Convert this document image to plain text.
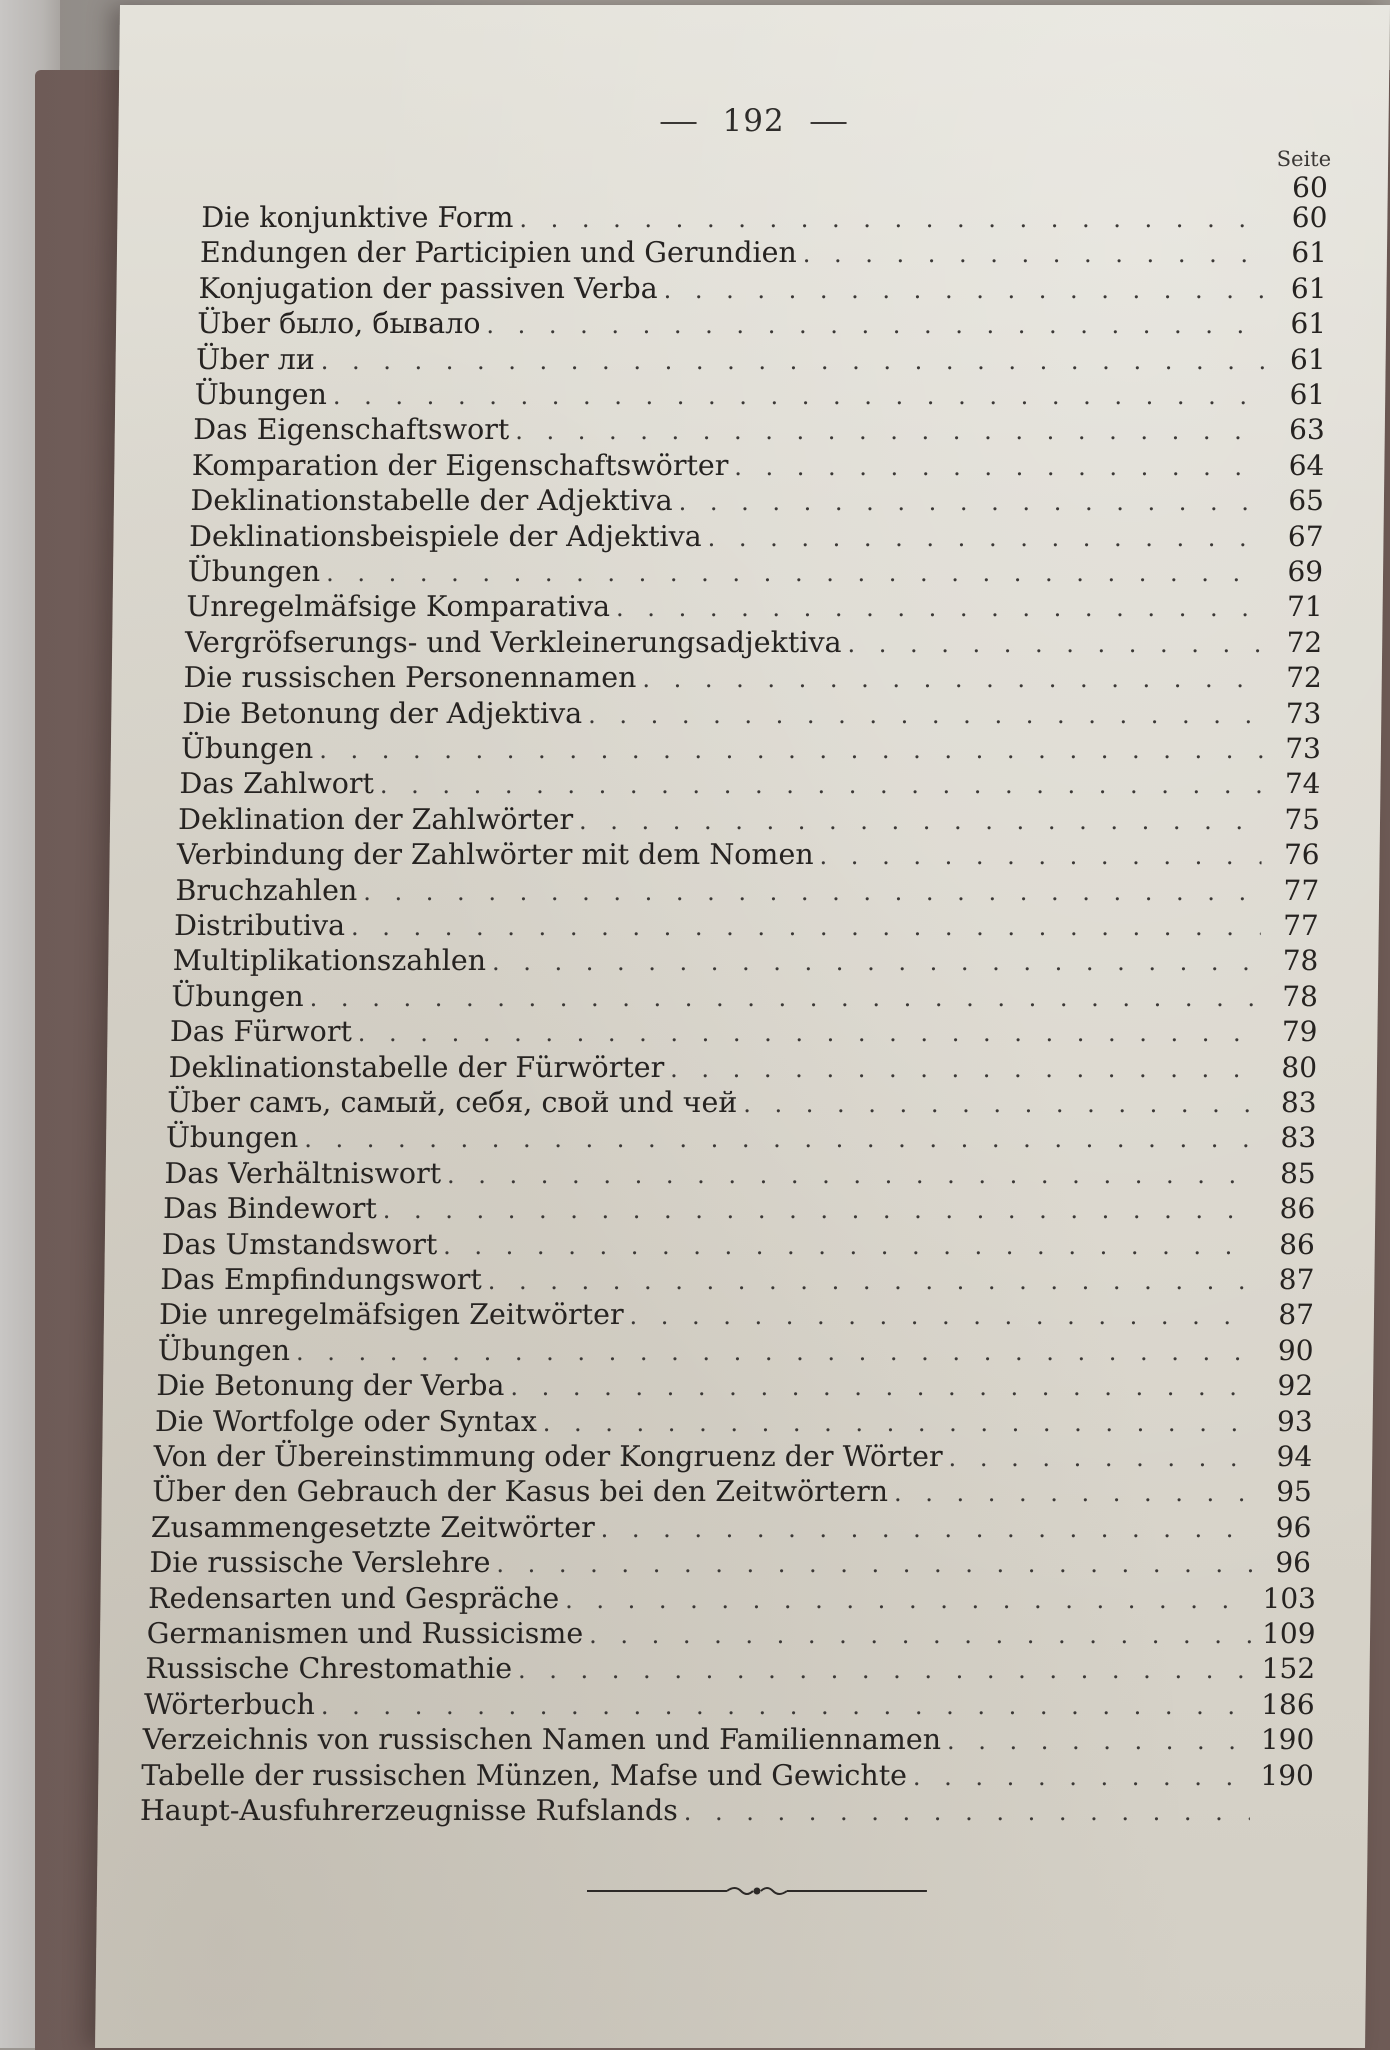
192
Seite
60
Die konjunktive Form . . .	60
Endungen der Participien und Gerundien . . .	61
Konjugation der passiven Verba . . .	61
Über было, бывало . . .	61
Über ли . . .	61
Übungen . . .	61
Das Eigenschaftswort . . .	63
Komparation der Eigenschaftswörter . . .	64
Deklinationstabelle der Adjektiva . . .	65
Deklinationsbeispiele der Adjektiva . . .	67
Übungen . . .	69
Unregelmäfsige Komparativa . . .	71
Vergröfserungs- und Verkleinerungsadjektiva . . .	72
Die russischen Personennamen . . .	72
Die Betonung der Adjektiva . . .	73
Übungen . . .	73
Das Zahlwort . . .	74
Deklination der Zahlwörter . . .	75
Verbindung der Zahlwörter mit dem Nomen . . .	76
Bruchzahlen . . .	77
Distributiva . . .	77
Multiplikationszahlen . . .	78
Übungen . . .	78
Das Fürwort . . .	79
Deklinationstabelle der Fürwörter . . .	80
Über самъ, самый, себя, свой und чей . . .	83
Übungen . . .	83
Das Verhältniswort . . .	85
Das Bindewort . . .	86
Das Umstandswort . . .	86
Das Empfindungswort . . .	87
Die unregelmäfsigen Zeitwörter . . .	87
Übungen . . .	90
Die Betonung der Verba . . .	92
Die Wortfolge oder Syntax . . .	93
Von der Übereinstimmung oder Kongruenz der Wörter . . .	94
Über den Gebrauch der Kasus bei den Zeitwörtern . . .	95
Zusammengesetzte Zeitwörter . . .	96
Die russische Verslehre . . .	96
Redensarten und Gespräche . . .	103
Germanismen und Russicisme . . .	109
Russische Chrestomathie . . .	152
Wörterbuch . . .	186
Verzeichnis von russischen Namen und Familiennamen . . .	190
Tabelle der russischen Münzen, Mafse und Gewichte . . .	190
Haupt-Ausfuhrerzeugnisse Rufslands
. . .
